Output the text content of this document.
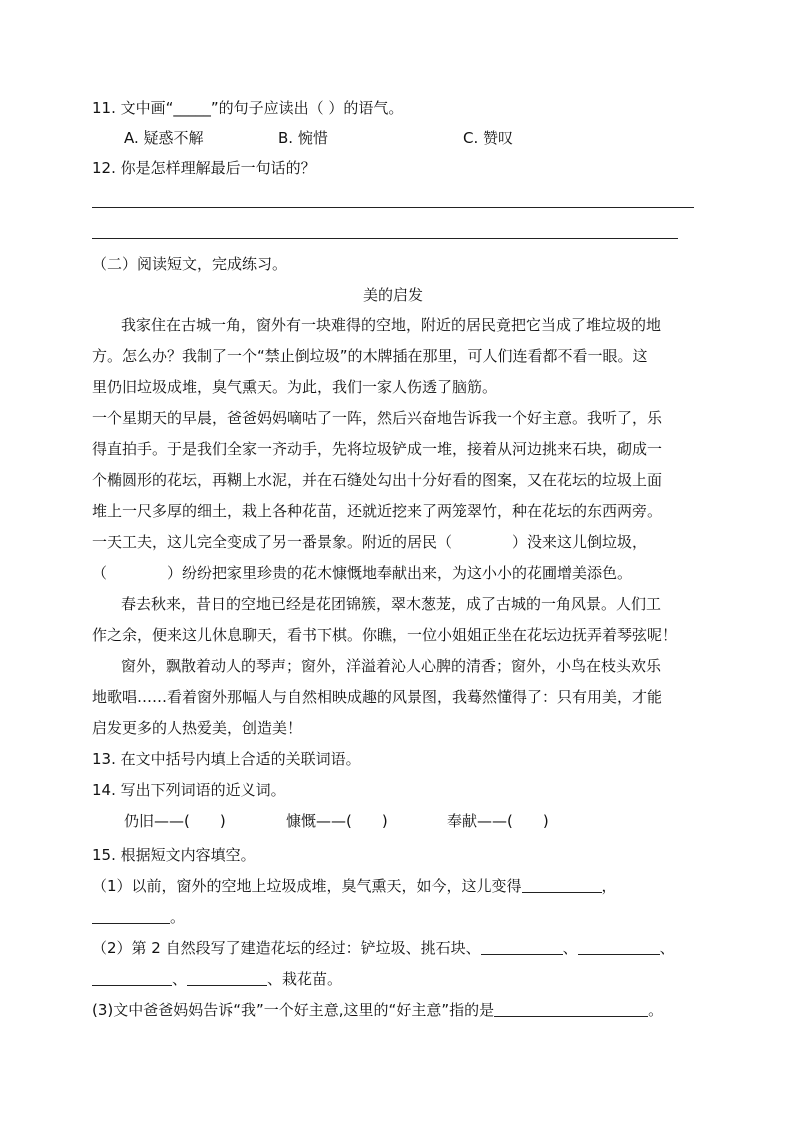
11. 文中画“_____”的句子应读出（ ）的语气。
A. 疑惑不解	B. 惋惜	C. 赞叹
12. 你是怎样理解最后一句话的？
（二）阅读短文，完成练习。
美的启发
我家住在古城一角，窗外有一块难得的空地，附近的居民竟把它当成了堆垃圾的地
方。怎么办？我制了一个“禁止倒垃圾”的木牌插在那里，可人们连看都不看一眼。这
里仍旧垃圾成堆，臭气熏天。为此，我们一家人伤透了脑筋。
一个星期天的早晨，爸爸妈妈嘀咕了一阵，然后兴奋地告诉我一个好主意。我听了，乐
得直拍手。于是我们全家一齐动手，先将垃圾铲成一堆，接着从河边挑来石块，砌成一
个椭圆形的花坛，再糊上水泥，并在石缝处勾出十分好看的图案，又在花坛的垃圾上面
堆上一尺多厚的细土，栽上各种花苗，还就近挖来了两笼翠竹，种在花坛的东西两旁。
一天工夫，这儿完全变成了另一番景象。附近的居民（　　　　）没来这儿倒垃圾，
（　　　　）纷纷把家里珍贵的花木慷慨地奉献出来，为这小小的花圃增美添色。
春去秋来，昔日的空地已经是花团锦簇，翠木葱茏，成了古城的一角风景。人们工
作之余，便来这儿休息聊天，看书下棋。你瞧，一位小姐姐正坐在花坛边抚弄着琴弦呢！
窗外，飘散着动人的琴声；窗外，洋溢着沁人心脾的清香；窗外，小鸟在枝头欢乐
地歌唱……看着窗外那幅人与自然相映成趣的风景图，我蓦然懂得了：只有用美，才能
启发更多的人热爱美，创造美！
13. 在文中括号内填上合适的关联词语。
14. 写出下列词语的近义词。
仍旧——(　　)	慷慨——(　　)	奉献——(　　)
15. 根据短文内容填空。
（1）以前，窗外的空地上垃圾成堆，臭气熏天，如今，这儿变得	，
。
（2）第 2 自然段写了建造花坛的经过：铲垃圾、挑石块、	、	、
、	、栽花苗。
(3)文中爸爸妈妈告诉“我”一个好主意,这里的“好主意”指的是	。
